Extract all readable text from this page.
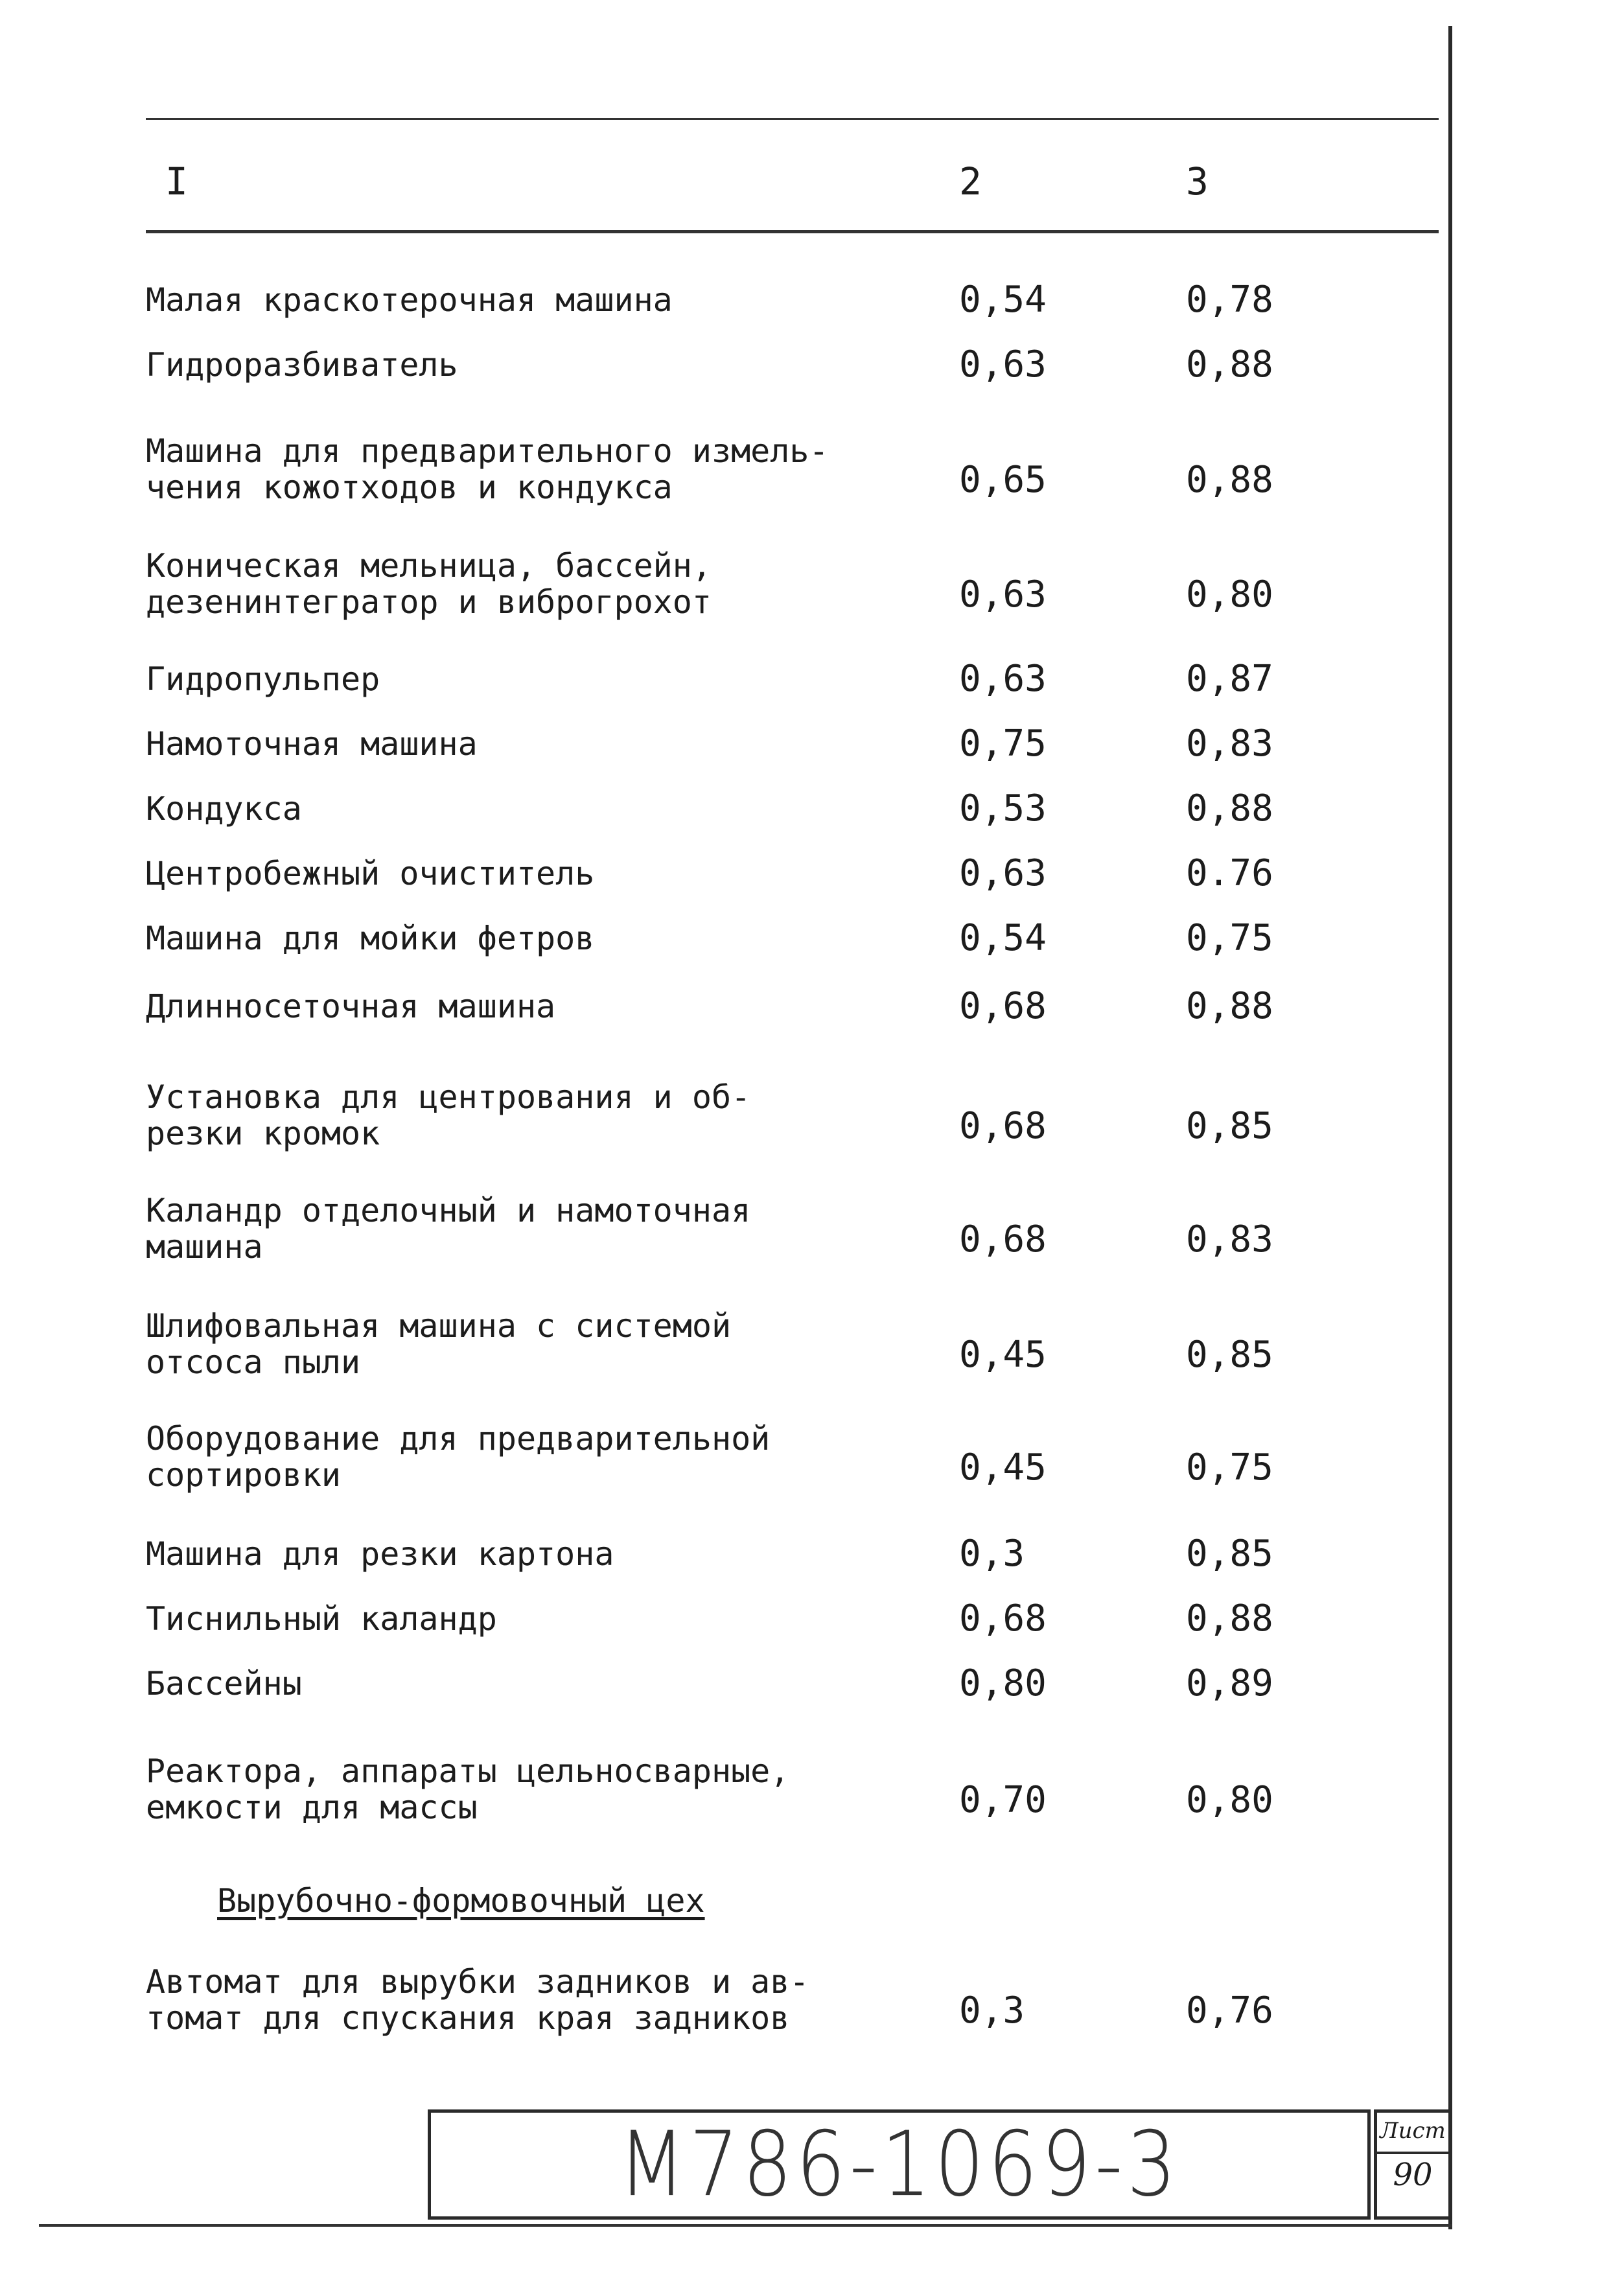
I	2	3
Малая краскотерочная машина	0,54	0,78
Гидроразбиватель	0,63	0,88
Машина для предварительного измель-
чения кожотходов и кондукса	0,65	0,88
Коническая мельница, бассейн,
дезенинтегратор и виброгрохот	0,63	0,80
Гидропульпер	0,63	0,87
Намоточная машина	0,75	0,83
Кондукса	0,53	0,88
Центробежный очиститель	0,63	0.76
Машина для мойки фетров	0,54	0,75
Длинносеточная машина	0,68	0,88
Установка для центрования и об-
резки кромок	0,68	0,85
Каландр отделочный и намоточная
машина	0,68	0,83
Шлифовальная машина с системой
отсоса пыли	0,45	0,85
Оборудование для предварительной
сортировки	0,45	0,75
Машина для резки картона	0,3	0,85
Тиснильный каландр	0,68	0,88
Бассейны	0,80	0,89
Реактора, аппараты цельносварные,
емкости для массы	0,70	0,80
Вырубочно-формовочный цех
Автомат для вырубки задников и ав-
томат для спускания края задников	0,3	0,76
М786-1069-3	Лист
90
